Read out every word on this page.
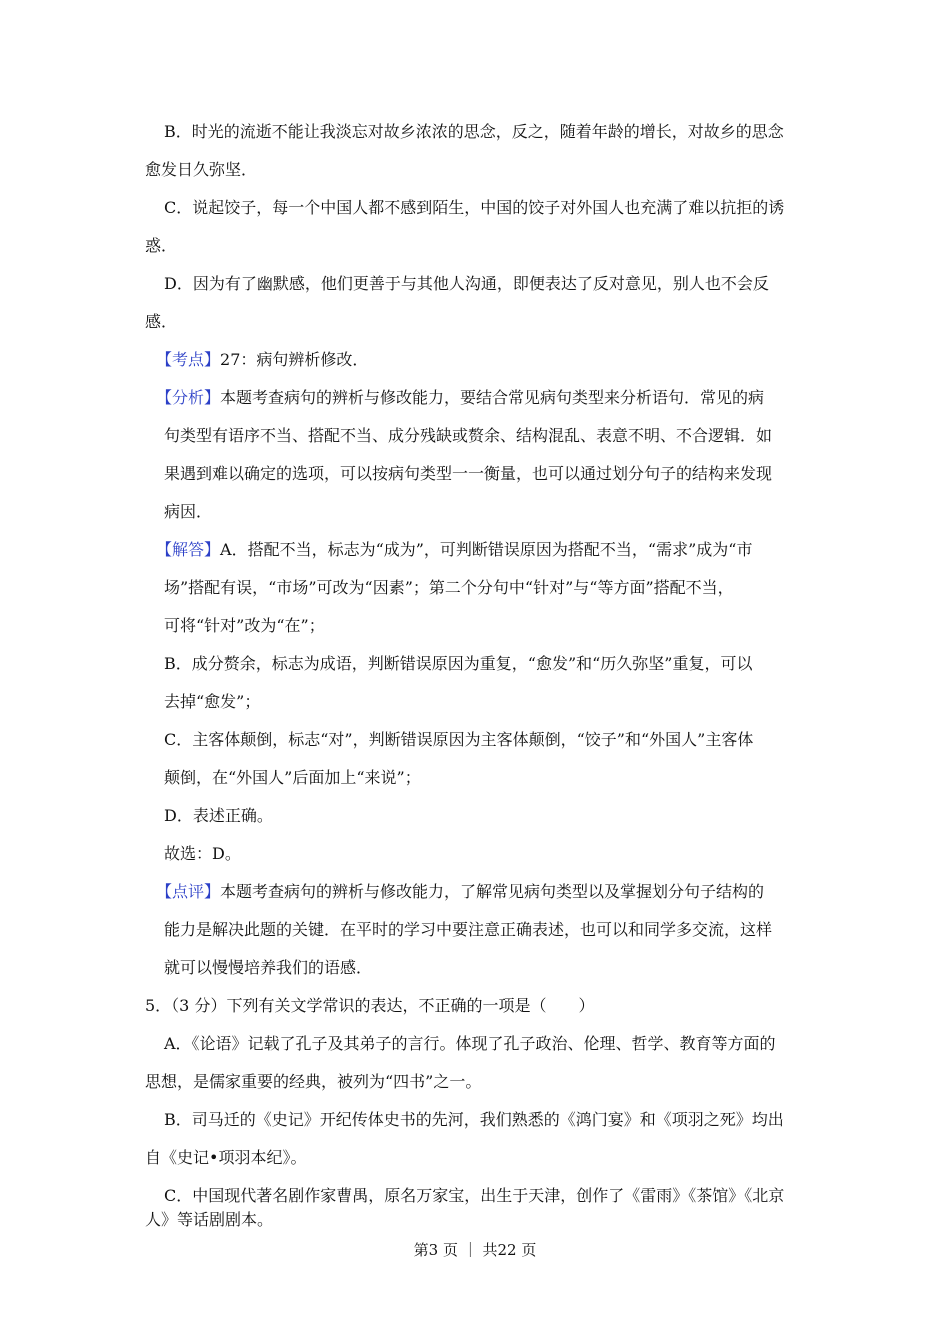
B．时光的流逝不能让我淡忘对故乡浓浓的思念，反之，随着年龄的增长，对故乡的思念
愈发日久弥坚．
C．说起饺子，每一个中国人都不感到陌生，中国的饺子对外国人也充满了难以抗拒的诱
惑．
D．因为有了幽默感，他们更善于与其他人沟通，即便表达了反对意见，别人也不会反
感．
【考点】27：病句辨析修改．
【分析】本题考查病句的辨析与修改能力，要结合常见病句类型来分析语句．常见的病
句类型有语序不当、搭配不当、成分残缺或赘余、结构混乱、表意不明、不合逻辑．如
果遇到难以确定的选项，可以按病句类型一一衡量，也可以通过划分句子的结构来发现
病因．
【解答】A．搭配不当，标志为“成为”，可判断错误原因为搭配不当，“需求”成为“市
场”搭配有误，“市场”可改为“因素”；第二个分句中“针对”与“等方面”搭配不当，
可将“针对”改为“在”；
B．成分赘余，标志为成语，判断错误原因为重复，“愈发”和“历久弥坚”重复，可以
去掉“愈发”；
C．主客体颠倒，标志“对”，判断错误原因为主客体颠倒，“饺子”和“外国人”主客体
颠倒，在“外国人”后面加上“来说”；
D．表述正确。
故选：D。
【点评】本题考查病句的辨析与修改能力，了解常见病句类型以及掌握划分句子结构的
能力是解决此题的关键．在平时的学习中要注意正确表述，也可以和同学多交流，这样
就可以慢慢培养我们的语感．
5．（3 分）下列有关文学常识的表达，不正确的一项是（　　）
A．《论语》记载了孔子及其弟子的言行。体现了孔子政治、伦理、哲学、教育等方面的
思想，是儒家重要的经典，被列为“四书”之一。
B．司马迁的《史记》开纪传体史书的先河，我们熟悉的《鸿门宴》和《项羽之死》均出
自《史记•项羽本纪》。
C．中国现代著名剧作家曹禺，原名万家宝，出生于天津，创作了《雷雨》《茶馆》《北京
人》等话剧剧本。
第3 页 ｜ 共22 页
